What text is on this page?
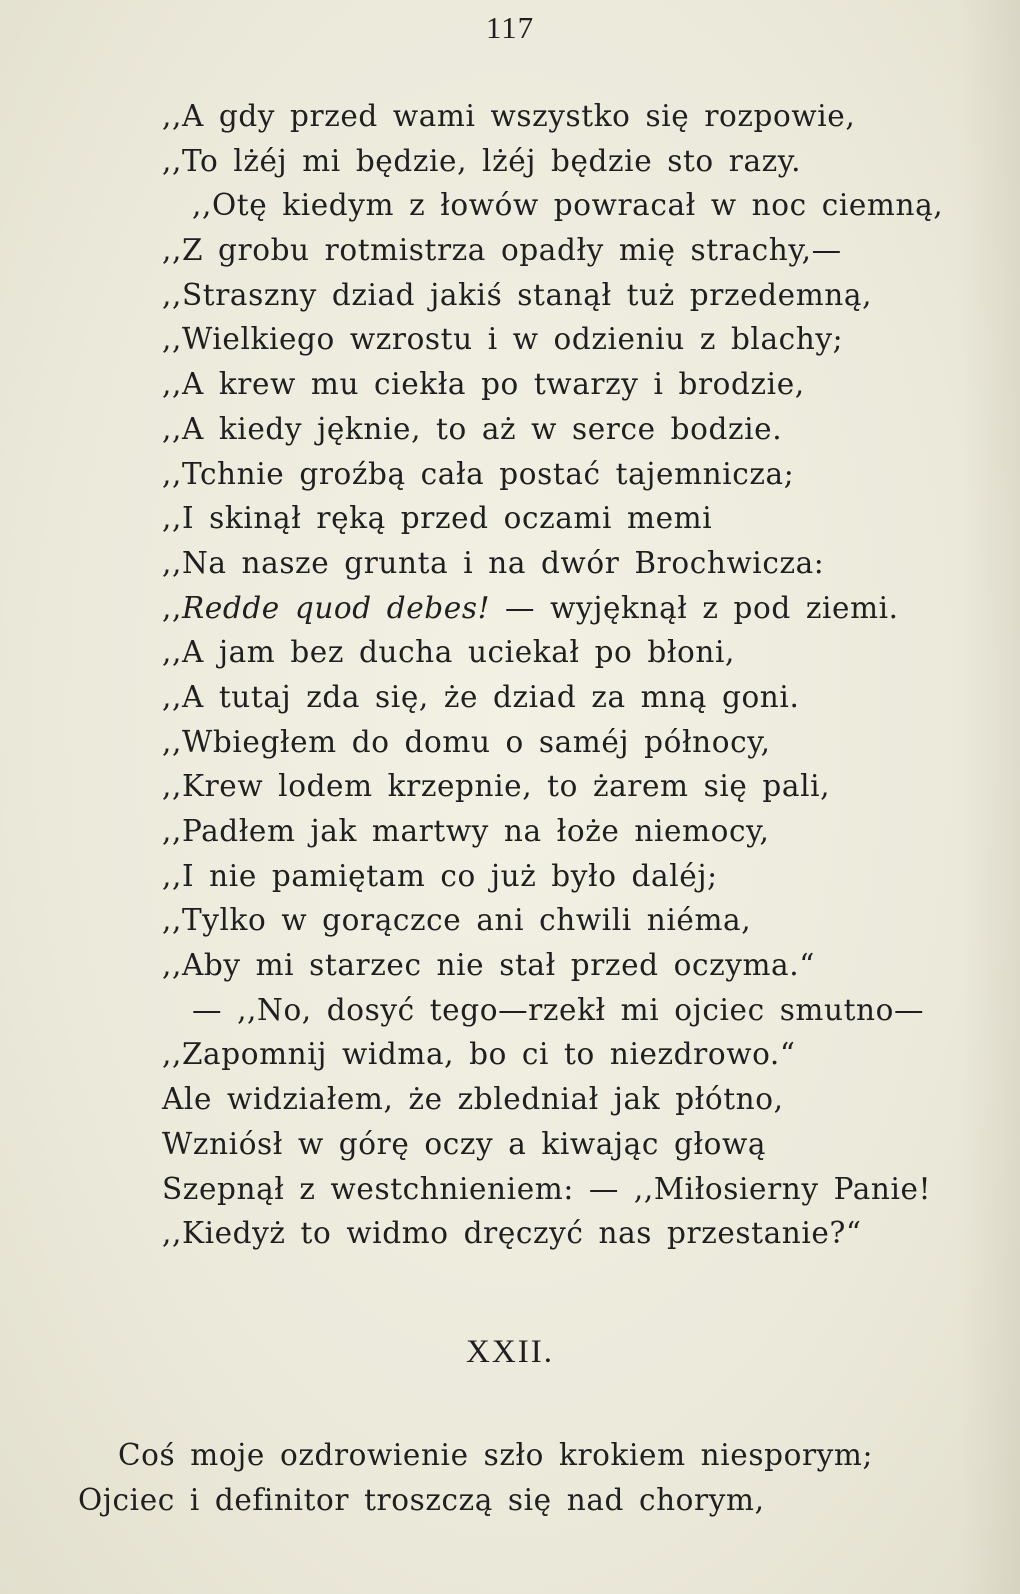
117
,,A gdy przed wami wszystko się rozpowie,
,,To lżéj mi będzie, lżéj będzie sto razy.
,,Otę kiedym z łowów powracał w noc ciemną,
,,Z grobu rotmistrza opadły mię strachy,—
,,Straszny dziad jakiś stanął tuż przedemną,
,,Wielkiego wzrostu i w odzieniu z blachy;
,,A krew mu ciekła po twarzy i brodzie,
,,A kiedy jęknie, to aż w serce bodzie.
,,Tchnie groźbą cała postać tajemnicza;
,,I skinął ręką przed oczami memi
,,Na nasze grunta i na dwór Brochwicza:
,,Redde quod debes! — wyjęknął z pod ziemi.
,,A jam bez ducha uciekał po błoni,
,,A tutaj zda się, że dziad za mną goni.
,,Wbiegłem do domu o saméj północy,
,,Krew lodem krzepnie, to żarem się pali,
,,Padłem jak martwy na łoże niemocy,
,,I nie pamiętam co już było daléj;
,,Tylko w gorączce ani chwili niéma,
,,Aby mi starzec nie stał przed oczyma.“
— ,,No, dosyć tego—rzekł mi ojciec smutno—
,,Zapomnij widma, bo ci to niezdrowo.“
Ale widziałem, że zbledniał jak płótno,
Wzniósł w górę oczy a kiwając głową
Szepnął z westchnieniem: — ,,Miłosierny Panie!
,,Kiedyż to widmo dręczyć nas przestanie?“
XXII.
Coś moje ozdrowienie szło krokiem niesporym;
Ojciec i definitor troszczą się nad chorym,
